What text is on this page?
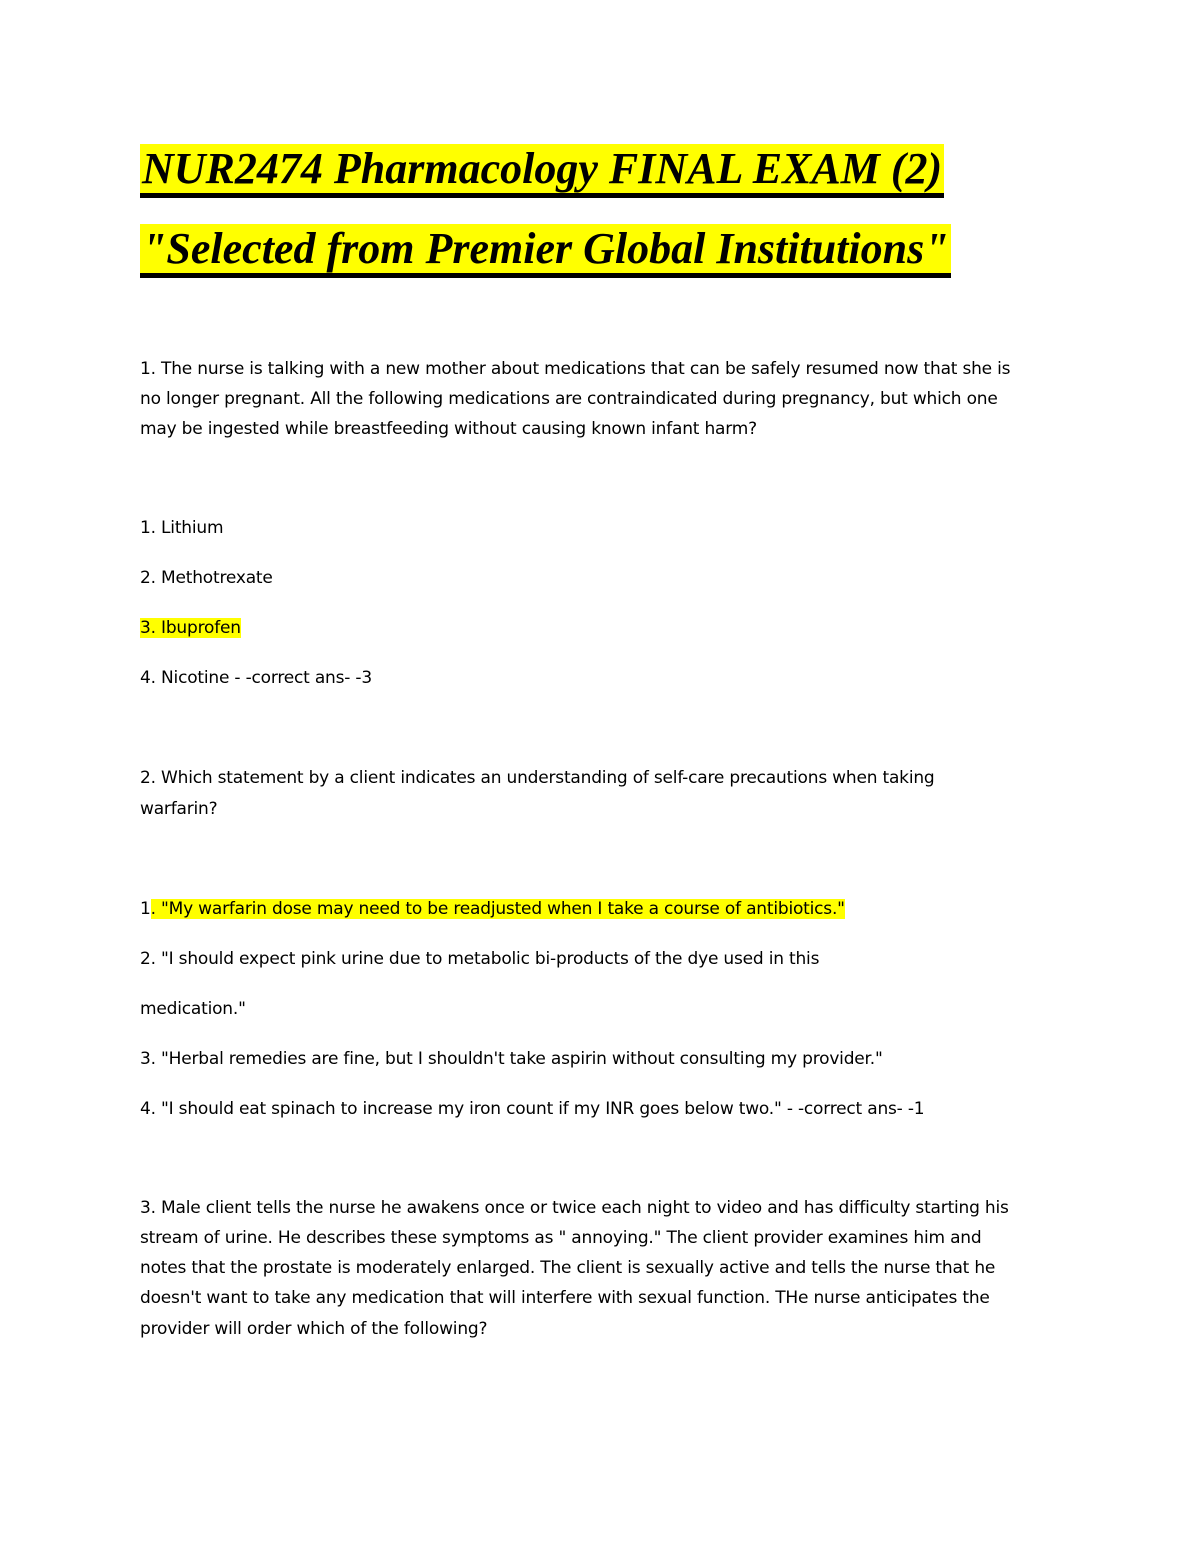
NUR2474 Pharmacology FINAL EXAM (2)
"Selected from Premier Global Institutions"
1. The nurse is talking with a new mother about medications that can be safely resumed now that she is
no longer pregnant. All the following medications are contraindicated during pregnancy, but which one
may be ingested while breastfeeding without causing known infant harm?
1. Lithium
2. Methotrexate
3. Ibuprofen
4. Nicotine - -correct ans- -3
2. Which statement by a client indicates an understanding of self-care precautions when taking
warfarin?
1. "My warfarin dose may need to be readjusted when I take a course of antibiotics."
2. "I should expect pink urine due to metabolic bi-products of the dye used in this
medication."
3. "Herbal remedies are fine, but I shouldn't take aspirin without consulting my provider."
4. "I should eat spinach to increase my iron count if my INR goes below two." - -correct ans- -1
3. Male client tells the nurse he awakens once or twice each night to video and has difficulty starting his
stream of urine. He describes these symptoms as " annoying." The client provider examines him and
notes that the prostate is moderately enlarged. The client is sexually active and tells the nurse that he
doesn't want to take any medication that will interfere with sexual function. THe nurse anticipates the
provider will order which of the following?
